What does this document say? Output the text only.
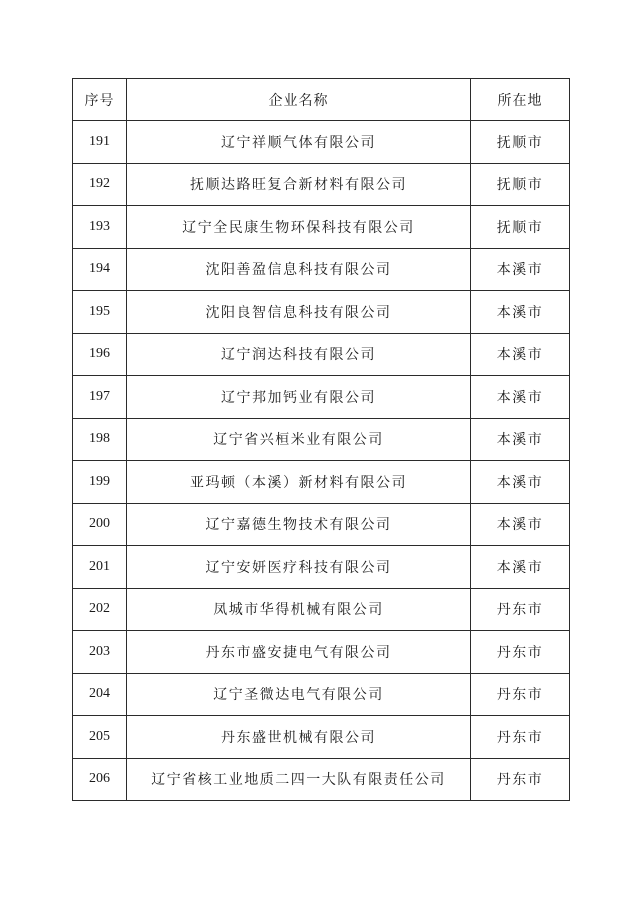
序号	企业名称	所在地
191	辽宁祥顺气体有限公司	抚顺市
192	抚顺达路旺复合新材料有限公司	抚顺市
193	辽宁全民康生物环保科技有限公司	抚顺市
194	沈阳善盈信息科技有限公司	本溪市
195	沈阳良智信息科技有限公司	本溪市
196	辽宁润达科技有限公司	本溪市
197	辽宁邦加钙业有限公司	本溪市
198	辽宁省兴桓米业有限公司	本溪市
199	亚玛顿（本溪）新材料有限公司	本溪市
200	辽宁嘉德生物技术有限公司	本溪市
201	辽宁安妍医疗科技有限公司	本溪市
202	凤城市华得机械有限公司	丹东市
203	丹东市盛安捷电气有限公司	丹东市
204	辽宁圣微达电气有限公司	丹东市
205	丹东盛世机械有限公司	丹东市
206	辽宁省核工业地质二四一大队有限责任公司	丹东市
